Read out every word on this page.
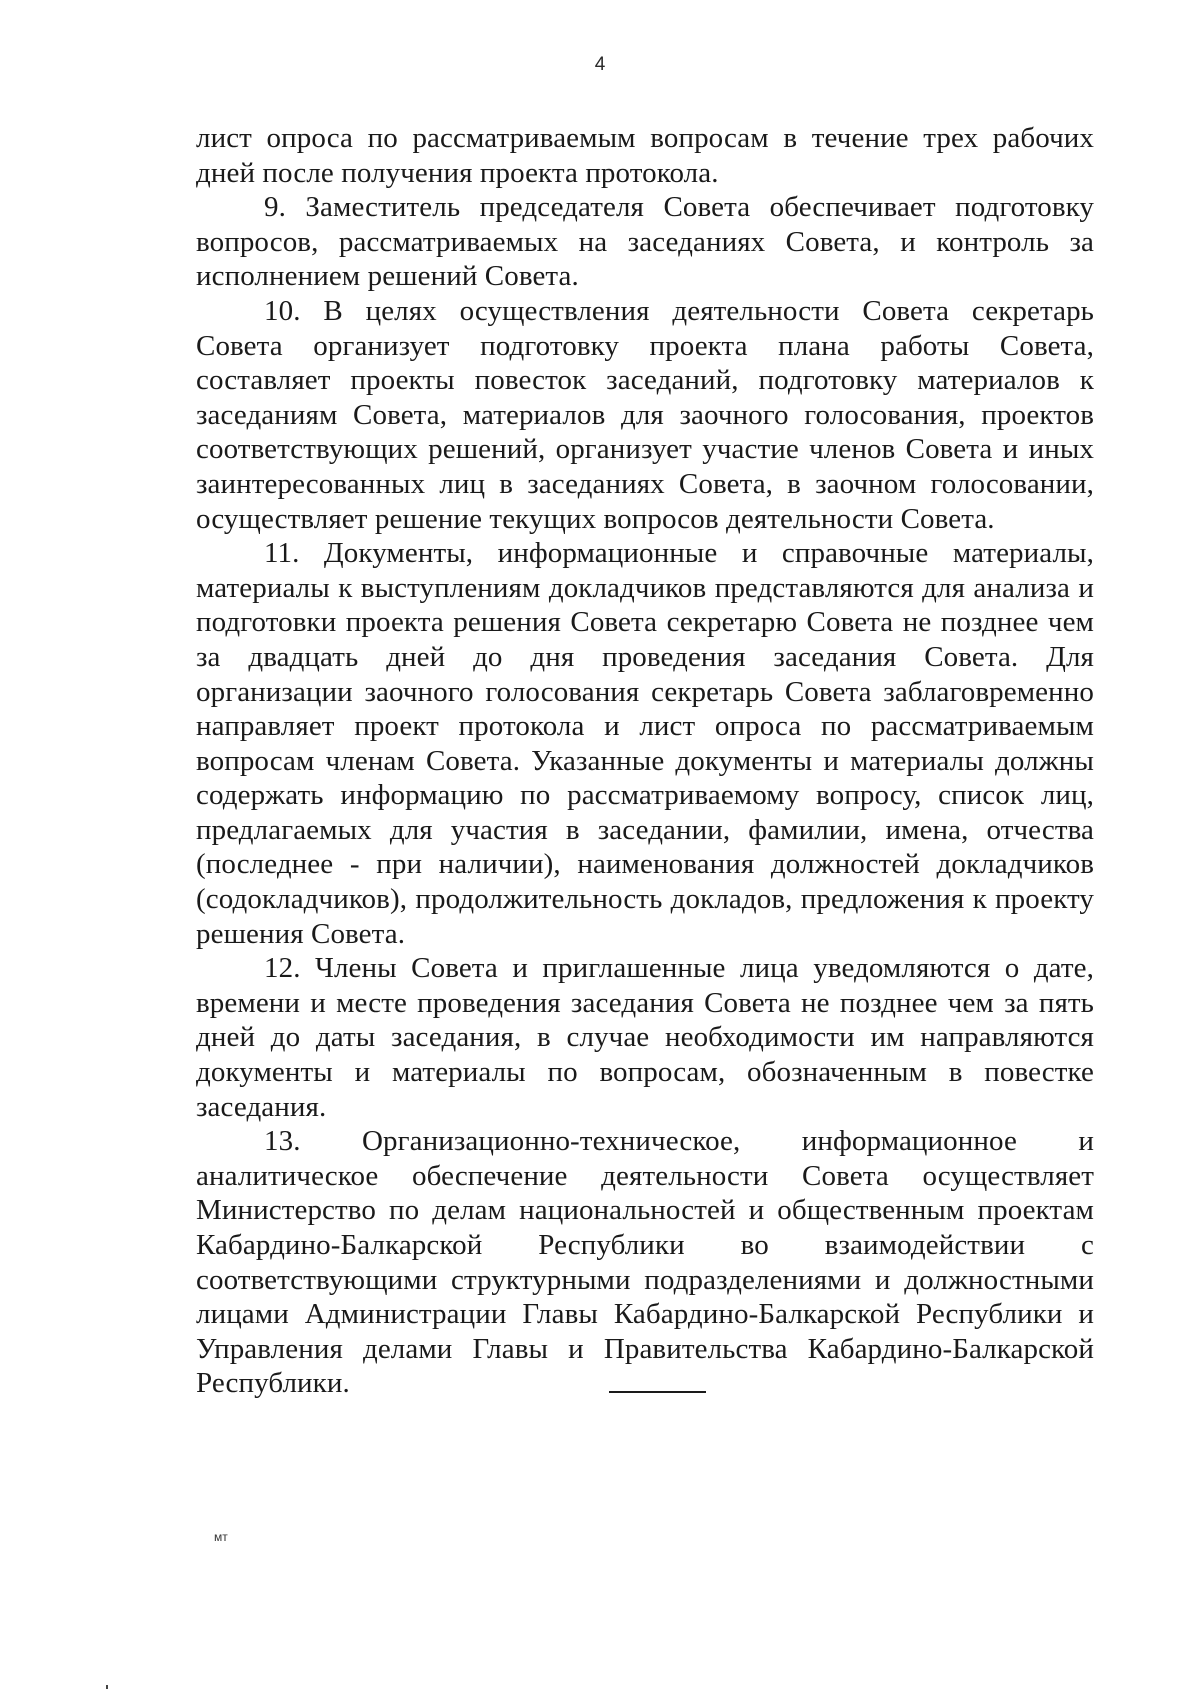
4

лист опроса по рассматриваемым вопросам в течение трех рабочих дней после получения проекта протокола.

9. Заместитель председателя Совета обеспечивает подготовку вопросов, рассматриваемых на заседаниях Совета, и контроль за исполнением решений Совета.

10. В целях осуществления деятельности Совета секретарь Совета организует подготовку проекта плана работы Совета, составляет проекты повесток заседаний, подготовку материалов к заседаниям Совета, материалов для заочного голосования, проектов соответствующих решений, организует участие членов Совета и иных заинтересованных лиц в заседаниях Совета, в заочном голосовании, осуществляет решение текущих вопросов деятельности Совета.

11. Документы, информационные и справочные материалы, материалы к выступлениям докладчиков представляются для анализа и подготовки проекта решения Совета секретарю Совета не позднее чем за двадцать дней до дня проведения заседания Совета. Для организации заочного голосования секретарь Совета заблаговременно направляет проект протокола и лист опроса по рассматриваемым вопросам членам Совета. Указанные документы и материалы должны содержать информацию по рассматриваемому вопросу, список лиц, предлагаемых для участия в заседании, фамилии, имена, отчества (последнее - при наличии), наименования должностей докладчиков (содокладчиков), продолжительность докладов, предложения к проекту решения Совета.

12. Члены Совета и приглашенные лица уведомляются о дате, времени и месте проведения заседания Совета не позднее чем за пять дней до даты заседания, в случае необходимости им направляются документы и материалы по вопросам, обозначенным в повестке заседания.

13. Организационно-техническое, информационное и аналитическое обеспечение деятельности Совета осуществляет Министерство по делам национальностей и общественным проектам Кабардино-Балкарской Республики во взаимодействии с соответствующими структурными подразделениями и должностными лицами Администрации Главы Кабардино-Балкарской Республики и Управления делами Главы и Правительства Кабардино-Балкарской Республики.

мт
